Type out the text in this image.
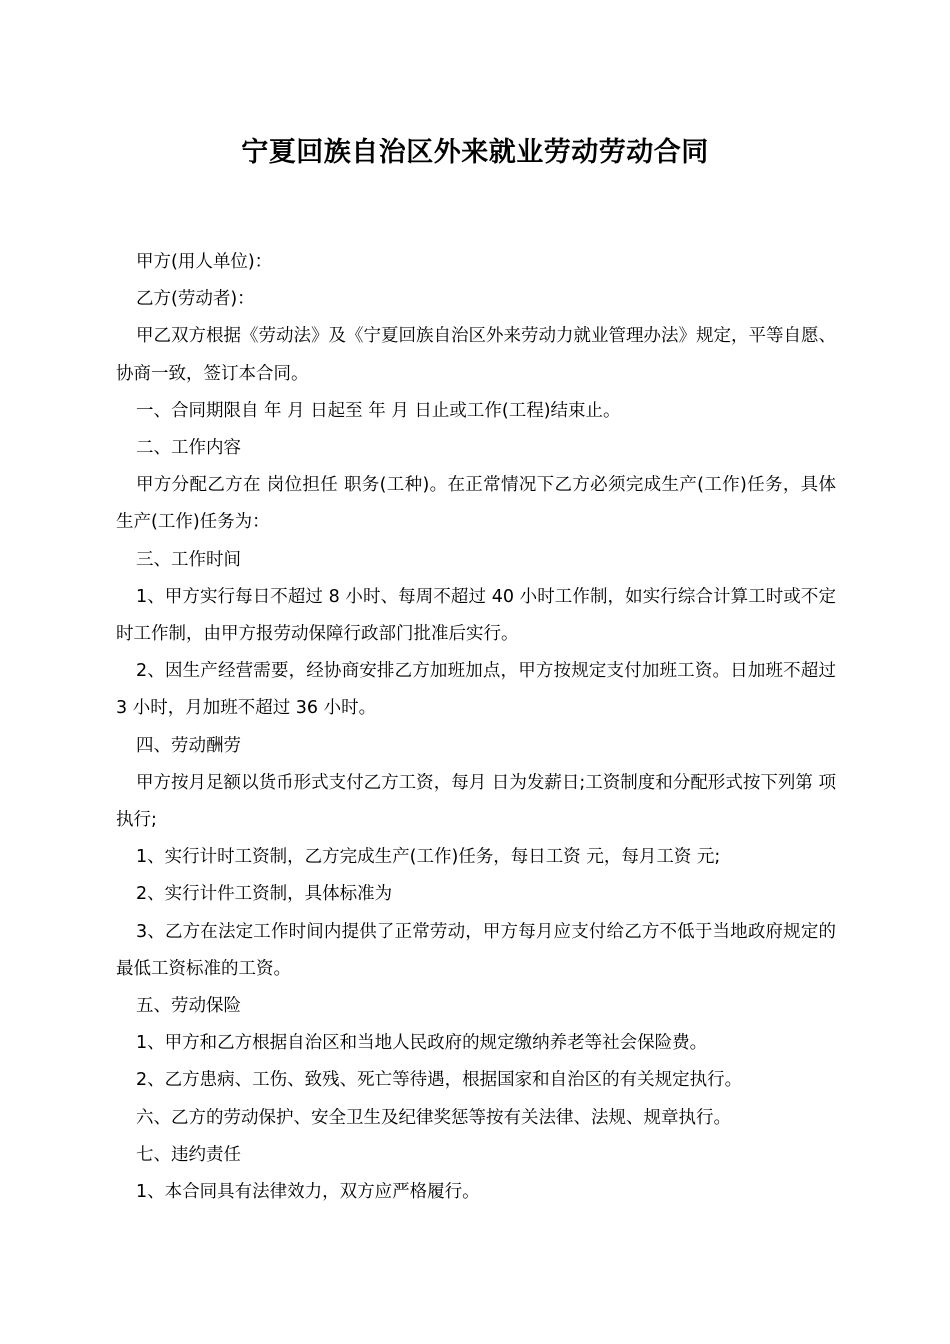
宁夏回族自治区外来就业劳动劳动合同

甲方(用人单位)：

乙方(劳动者)：

甲乙双方根据《劳动法》及《宁夏回族自治区外来劳动力就业管理办法》规定，平等自愿、协商一致，签订本合同。

一、合同期限自 年 月 日起至 年 月 日止或工作(工程)结束止。

二、工作内容

甲方分配乙方在 岗位担任 职务(工种)。在正常情况下乙方必须完成生产(工作)任务，具体生产(工作)任务为：

三、工作时间

1、甲方实行每日不超过 8 小时、每周不超过 40 小时工作制，如实行综合计算工时或不定时工作制，由甲方报劳动保障行政部门批准后实行。

2、因生产经营需要，经协商安排乙方加班加点，甲方按规定支付加班工资。日加班不超过 3 小时，月加班不超过 36 小时。

四、劳动酬劳

甲方按月足额以货币形式支付乙方工资，每月 日为发薪日;工资制度和分配形式按下列第 项执行;

1、实行计时工资制，乙方完成生产(工作)任务，每日工资 元，每月工资 元;

2、实行计件工资制，具体标准为

3、乙方在法定工作时间内提供了正常劳动，甲方每月应支付给乙方不低于当地政府规定的最低工资标准的工资。

五、劳动保险

1、甲方和乙方根据自治区和当地人民政府的规定缴纳养老等社会保险费。

2、乙方患病、工伤、致残、死亡等待遇，根据国家和自治区的有关规定执行。

六、乙方的劳动保护、安全卫生及纪律奖惩等按有关法律、法规、规章执行。

七、违约责任

1、本合同具有法律效力，双方应严格履行。
